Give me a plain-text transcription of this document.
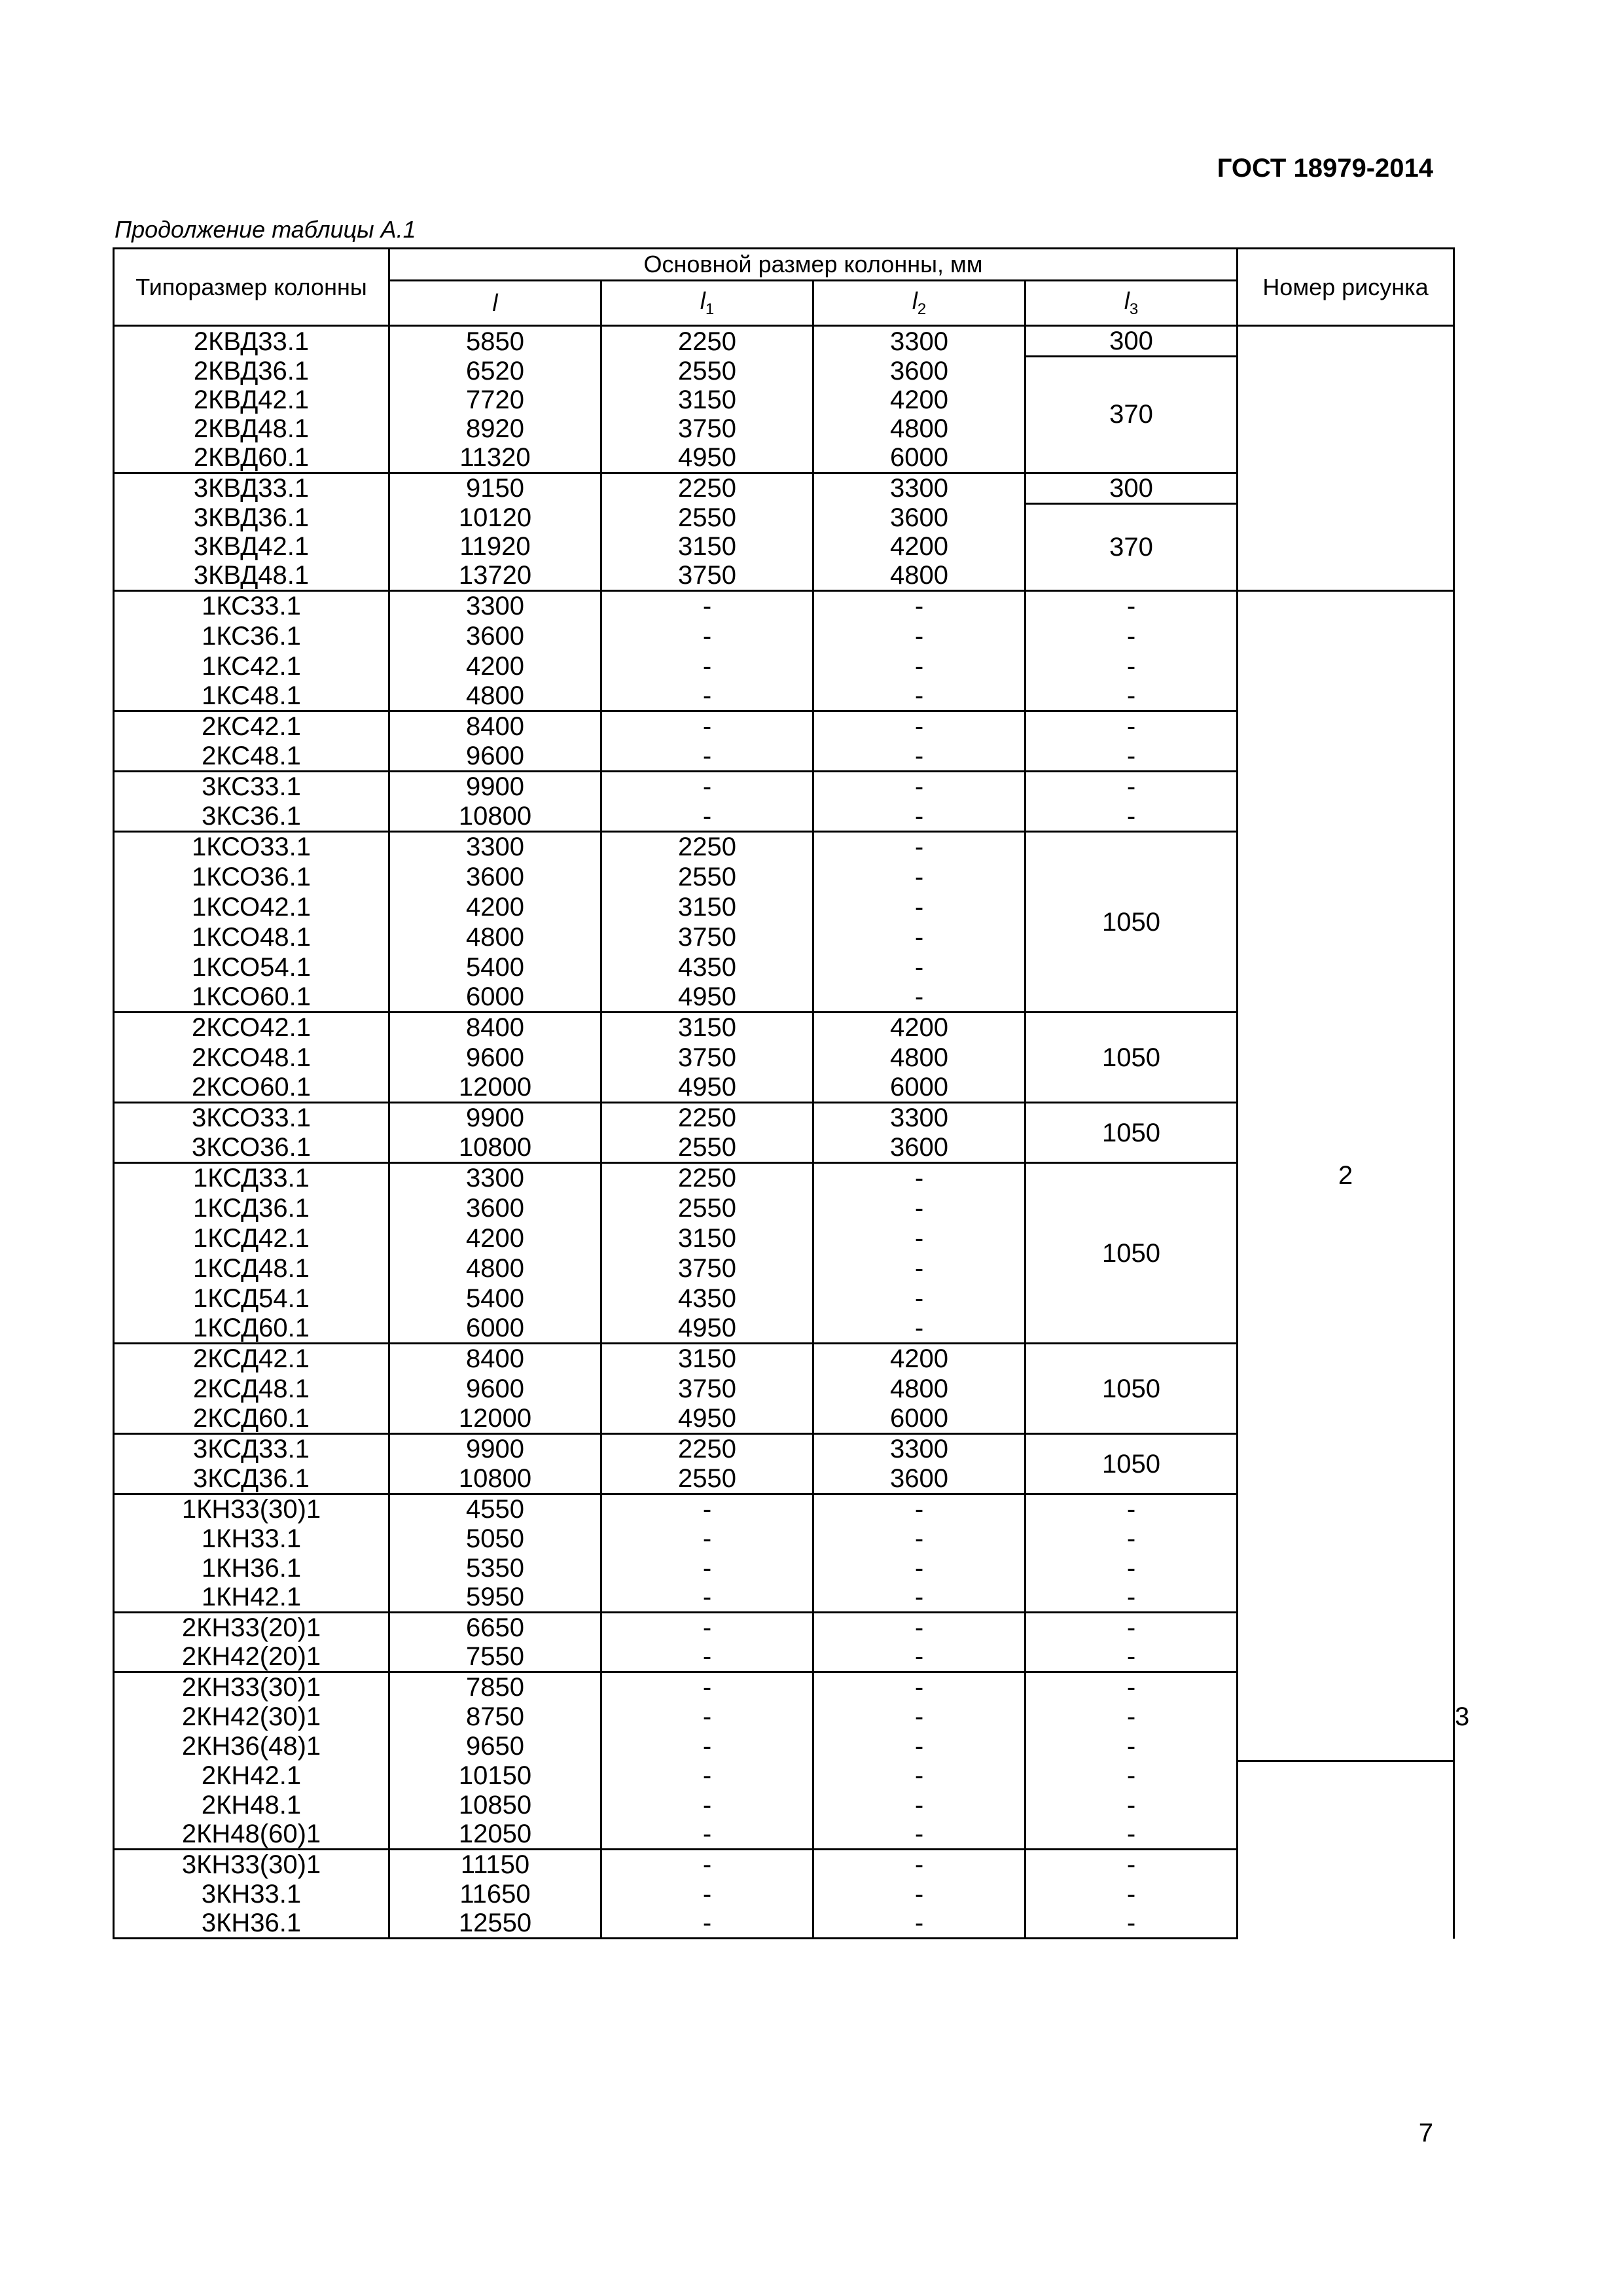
ГОСТ 18979-2014
Продолжение таблицы А.1
Типоразмер колонны	Основной размер колонны, мм				Номер рисунка	
	l	$l_1$	$l_2$	$l_3$
2КВД33.1	5850	2250	3300	300		
2КВД36.1	6520	2550	3600	370		
2КВД42.1	7720	3150	4200			
2КВД48.1	8920	3750	4800			
2КВД60.1	11320	4950	6000			
3КВД33.1	9150	2250	3300	300		
3КВД36.1	10120	2550	3600	370		
3КВД42.1	11920	3150	4200			
3КВД48.1	13720	3750	4800			
1КС33.1	3300	-	-	-	2	
1КС36.1	3600	-	-	-		
1КС42.1	4200	-	-	-		
1КС48.1	4800	-	-	-		
2КС42.1	8400	-	-	-		
2КС48.1	9600	-	-	-		
3КС33.1	9900	-	-	-		
3КС36.1	10800	-	-	-		
1КСО33.1	3300	2250	-	1050		
1КСО36.1	3600	2550	-			
1КСО42.1	4200	3150	-			
1КСО48.1	4800	3750	-			
1КСО54.1	5400	4350	-			
1КСО60.1	6000	4950	-			
2КСО42.1	8400	3150	4200	1050		
2КСО48.1	9600	3750	4800			
2КСО60.1	12000	4950	6000			
3КСО33.1	9900	2250	3300	1050		
3КСО36.1	10800	2550	3600			
1КСД33.1	3300	2250	-	1050		
1КСД36.1	3600	2550	-			
1КСД42.1	4200	3150	-			
1КСД48.1	4800	3750	-			
1КСД54.1	5400	4350	-			
1КСД60.1	6000	4950	-			
2КСД42.1	8400	3150	4200	1050		
2КСД48.1	9600	3750	4800			
2КСД60.1	12000	4950	6000			
3КСД33.1	9900	2250	3300	1050		
3КСД36.1	10800	2550	3600			
1КН33(30)1	4550	-	-	-		3
1КН33.1	5050	-	-	-		
1КН36.1	5350	-	-	-		
1КН42.1	5950	-	-	-		
2КН33(20)1	6650	-	-	-		
2КН42(20)1	7550	-	-	-		
2КН33(30)1	7850	-	-	-		
2КН42(30)1	8750	-	-	-		
2КН36(48)1	9650	-	-	-		
2КН42.1	10150	-	-	-		
2КН48.1	10850	-	-	-		
2КН48(60)1	12050	-	-	-		
3КН33(30)1	11150	-	-	-		
3КН33.1	11650	-	-	-		
3КН36.1	12550	-	-	-		
7
